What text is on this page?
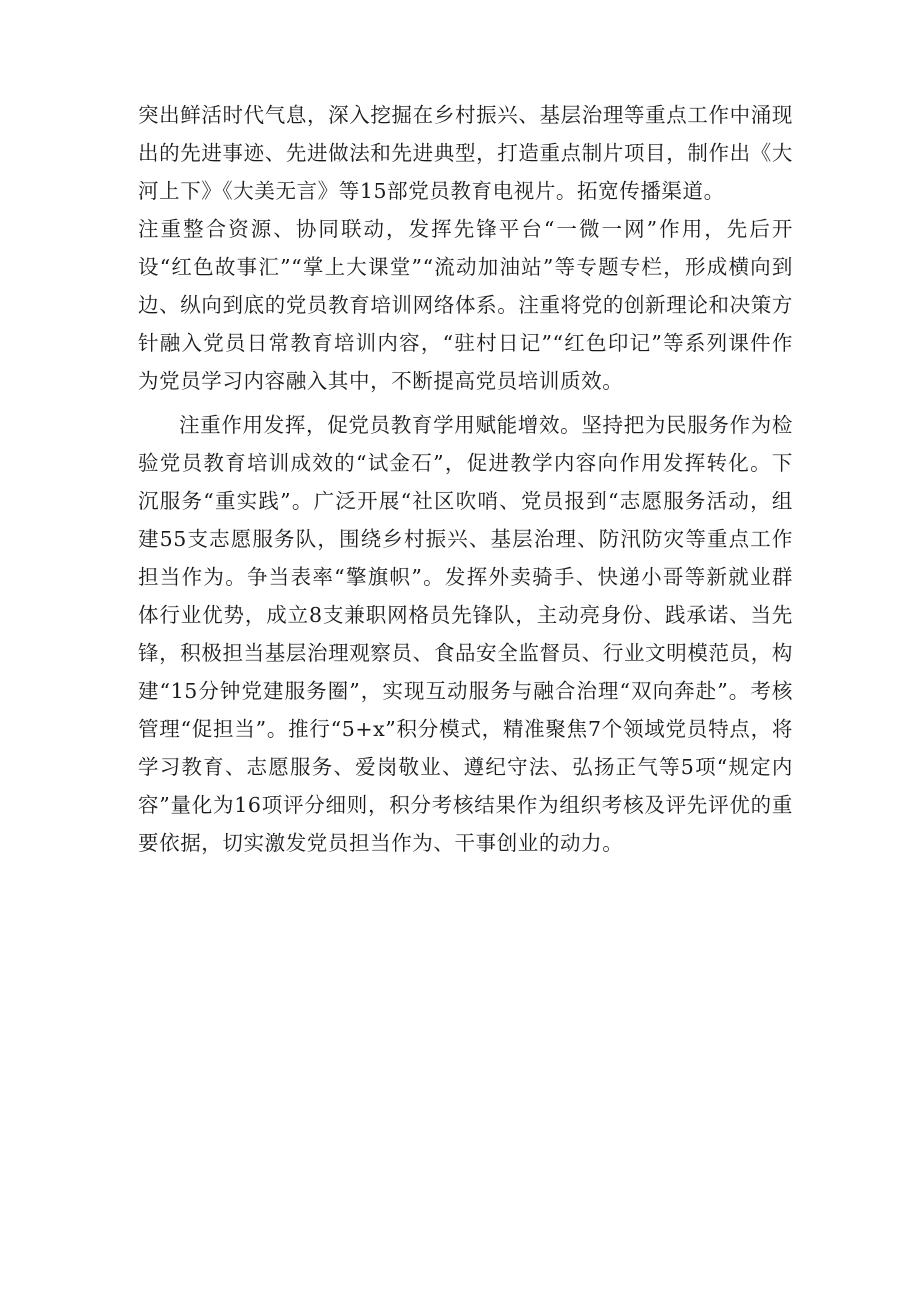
突出鲜活时代气息，深入挖掘在乡村振兴、基层治理等重点工作中涌现出的先进事迹、先进做法和先进典型，打造重点制片项目，制作出《大河上下》《大美无言》等15部党员教育电视片。拓宽传播渠道。

注重整合资源、协同联动，发挥先锋平台“一微一网”作用，先后开设“红色故事汇”“掌上大课堂”“流动加油站”等专题专栏，形成横向到边、纵向到底的党员教育培训网络体系。注重将党的创新理论和决策方针融入党员日常教育培训内容，“驻村日记”“红色印记”等系列课件作为党员学习内容融入其中，不断提高党员培训质效。

注重作用发挥，促党员教育学用赋能增效。坚持把为民服务作为检验党员教育培训成效的“试金石”，促进教学内容向作用发挥转化。下沉服务“重实践”。广泛开展“社区吹哨、党员报到“志愿服务活动，组建55支志愿服务队，围绕乡村振兴、基层治理、防汛防灾等重点工作担当作为。争当表率“擎旗帜”。发挥外卖骑手、快递小哥等新就业群体行业优势，成立8支兼职网格员先锋队，主动亮身份、践承诺、当先锋，积极担当基层治理观察员、食品安全监督员、行业文明模范员，构建“15分钟党建服务圈”，实现互动服务与融合治理“双向奔赴”。考核管理“促担当”。推行“5+x”积分模式，精准聚焦7个领域党员特点，将学习教育、志愿服务、爱岗敬业、遵纪守法、弘扬正气等5项“规定内容”量化为16项评分细则，积分考核结果作为组织考核及评先评优的重要依据，切实激发党员担当作为、干事创业的动力。
